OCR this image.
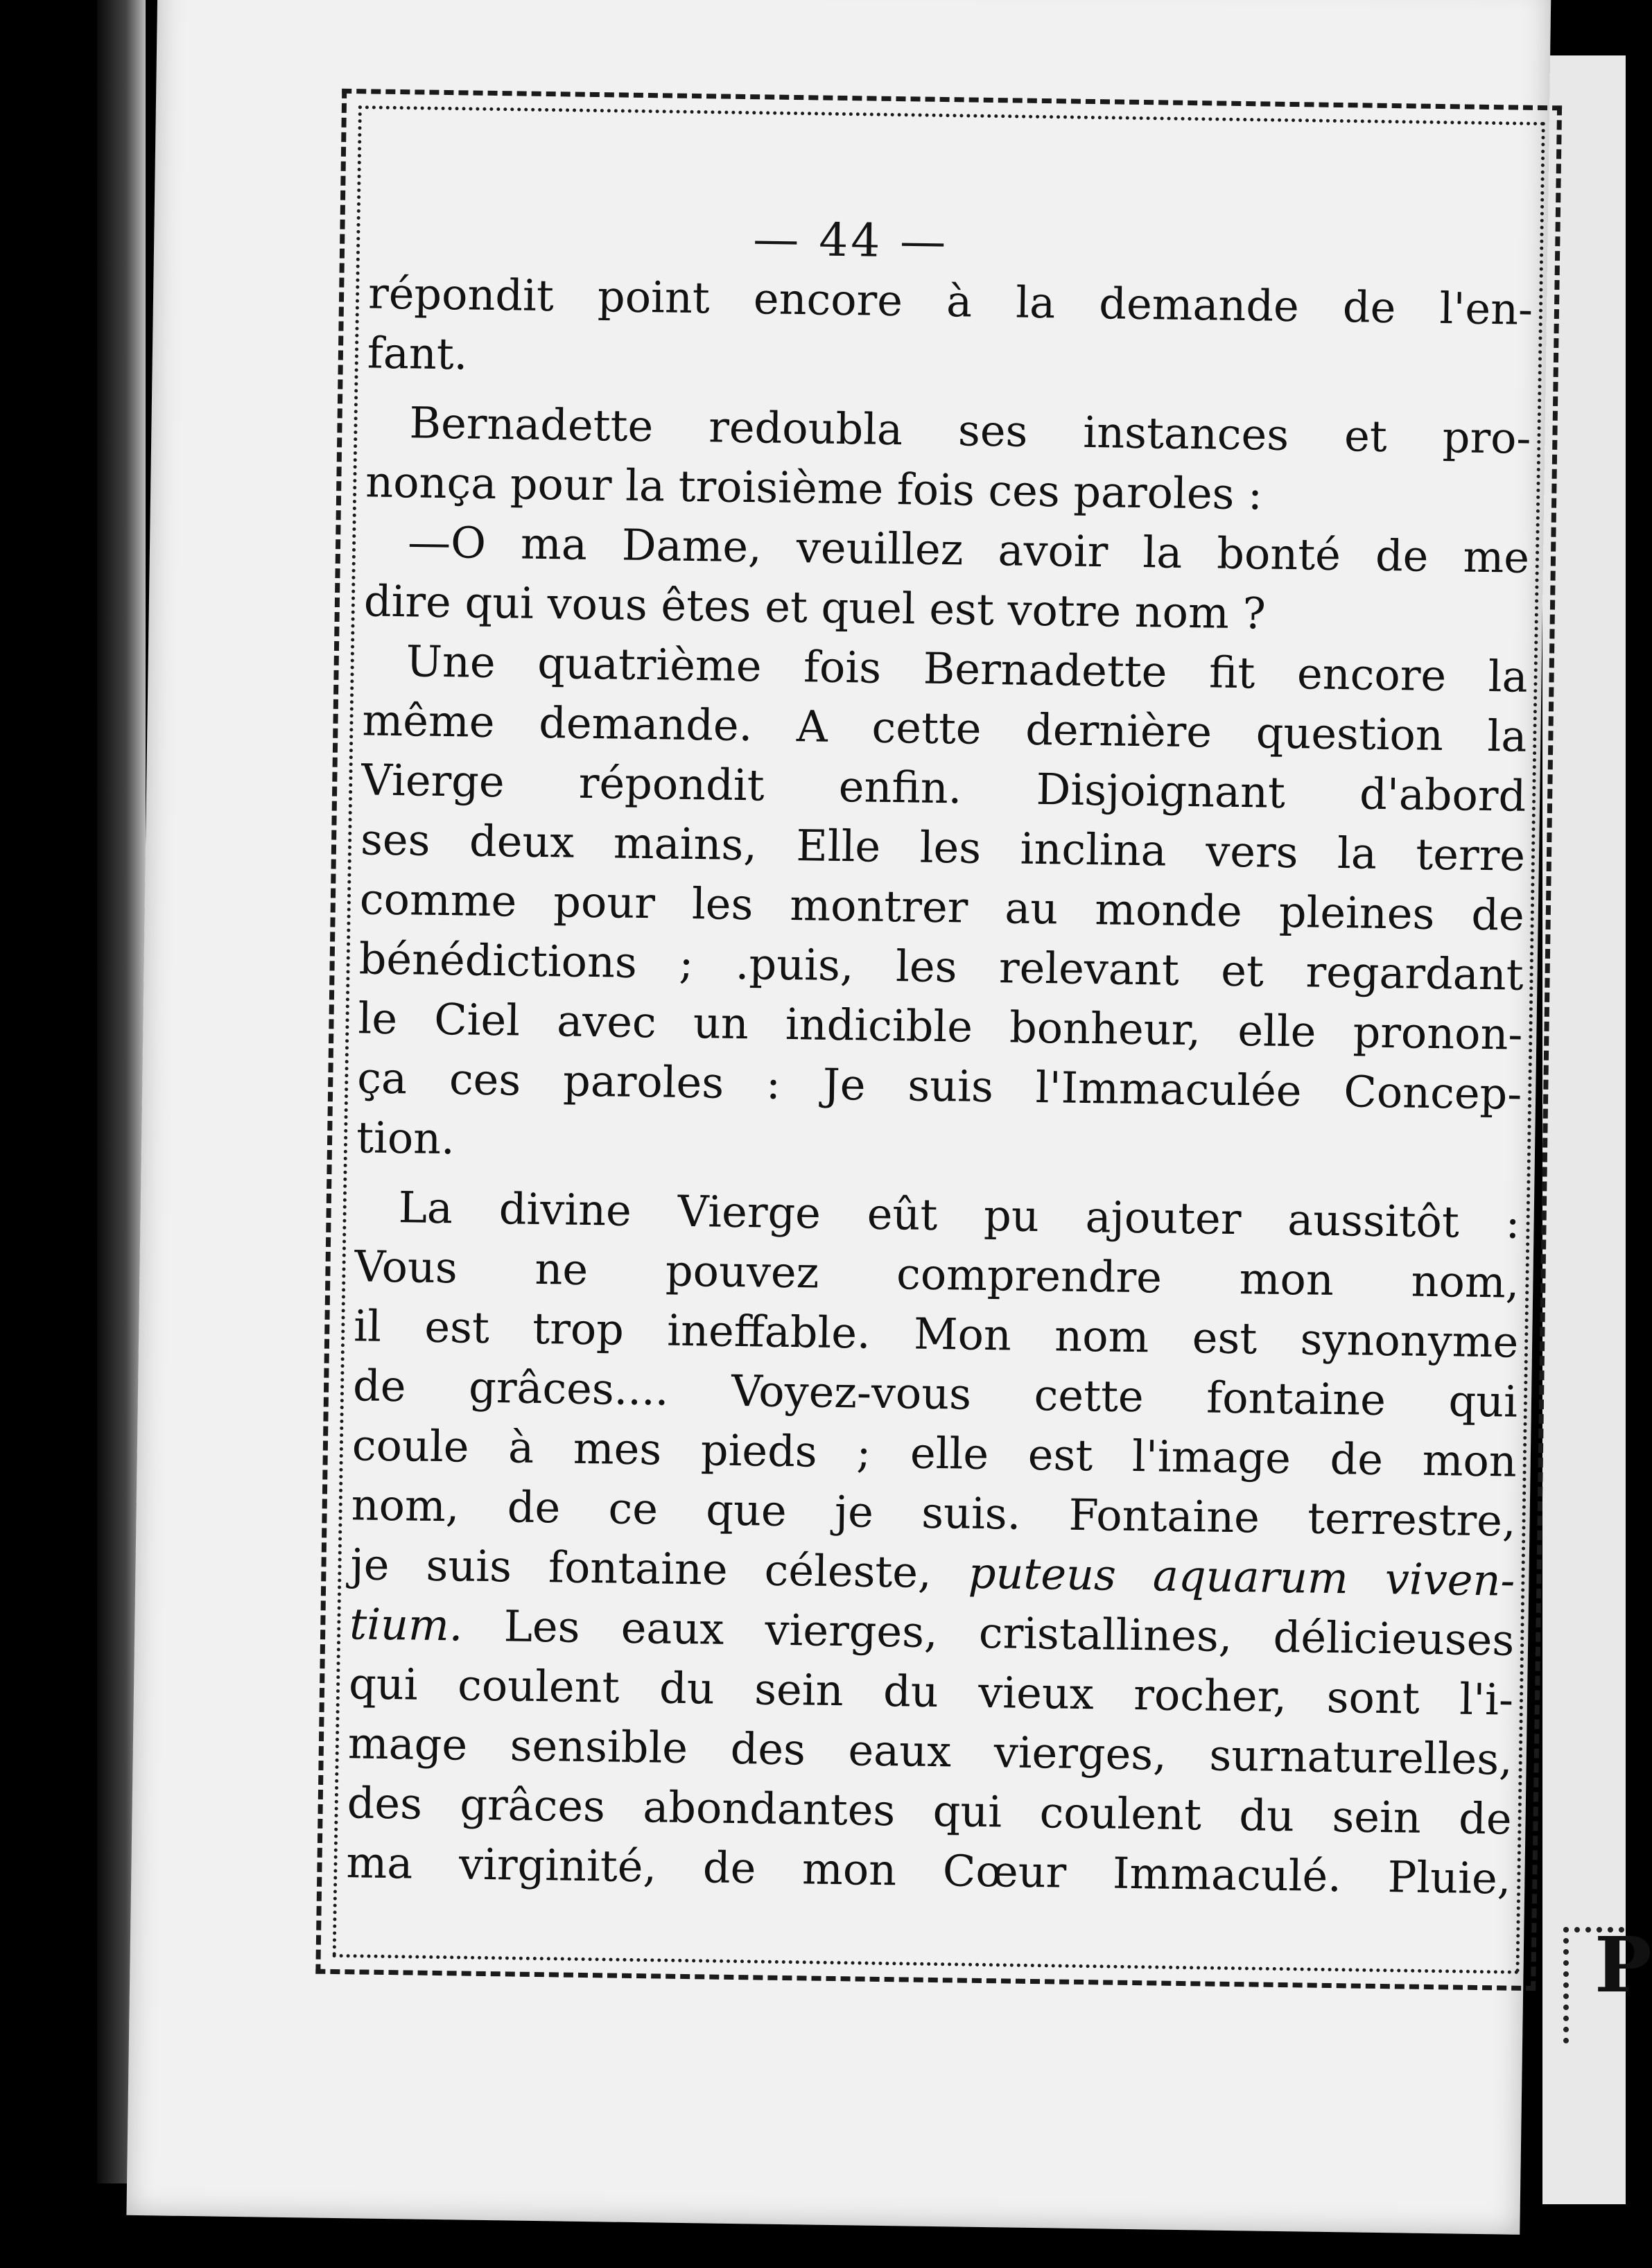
P
— 44 —
répondit point encore à la demande de l'en-
fant.
Bernadette redoubla ses instances et pro-
nonça pour la troisième fois ces paroles :
—O ma Dame, veuillez avoir la bonté de me
dire qui vous êtes et quel est votre nom ?
Une quatrième fois Bernadette fit encore la
même demande. A cette dernière question la
Vierge répondit enfin. Disjoignant d'abord
ses deux mains, Elle les inclina vers la terre
comme pour les montrer au monde pleines de
bénédictions ; .puis, les relevant et regardant
le Ciel avec un indicible bonheur, elle pronon-
ça ces paroles : Je suis l'Immaculée Concep-
tion.
La divine Vierge eût pu ajouter aussitôt :
Vous ne pouvez comprendre mon nom,
il est trop ineffable. Mon nom est synonyme
de grâces.... Voyez-vous cette fontaine qui
coule à mes pieds ; elle est l'image de mon
nom, de ce que je suis. Fontaine terrestre,
je suis fontaine céleste, puteus aquarum viven-
tium. Les eaux vierges, cristallines, délicieuses
qui coulent du sein du vieux rocher, sont l'i-
mage sensible des eaux vierges, surnaturelles,
des grâces abondantes qui coulent du sein de
ma virginité, de mon Cœur Immaculé. Pluie,
